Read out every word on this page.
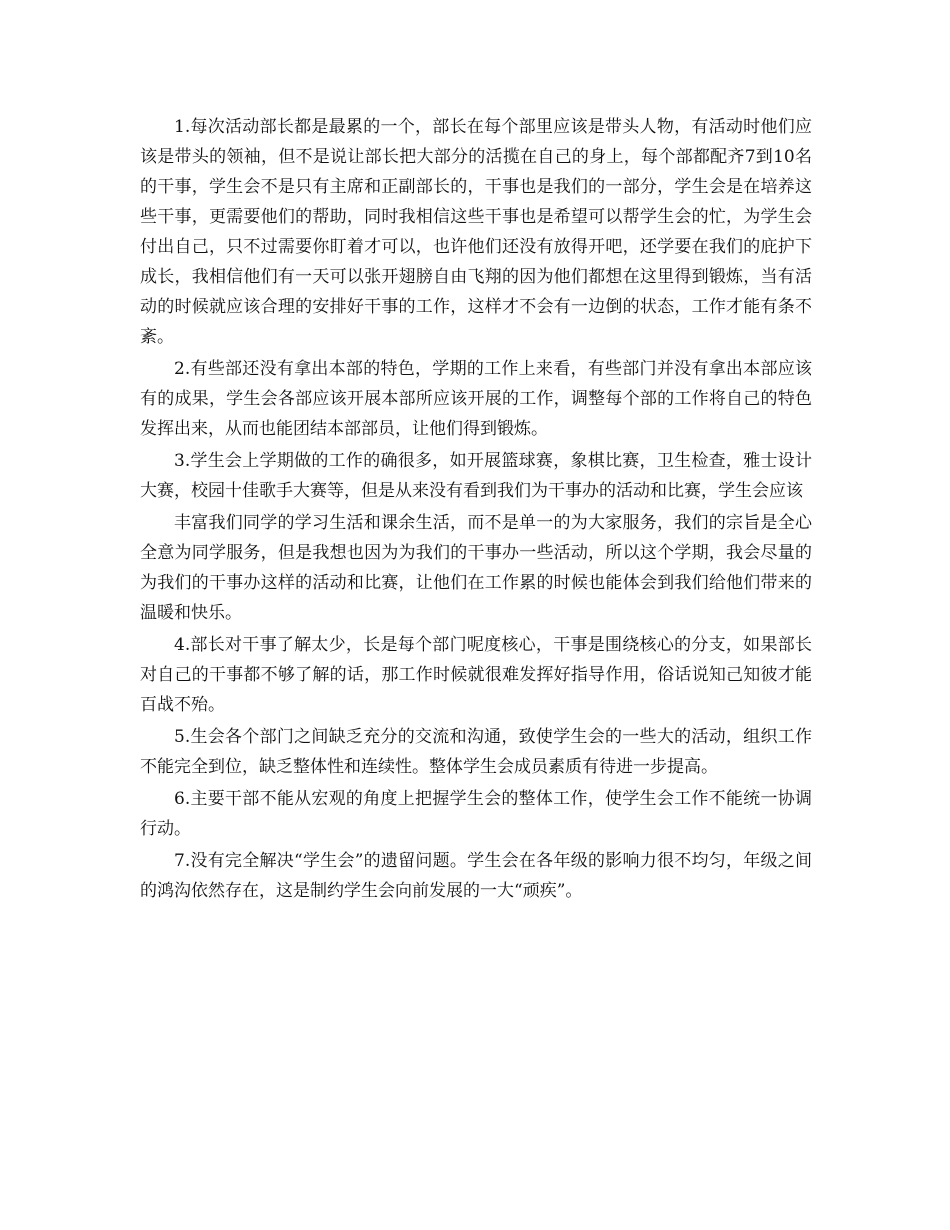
1.每次活动部长都是最累的一个，部长在每个部里应该是带头人物，有活动时他们应该是带头的领袖，但不是说让部长把大部分的活揽在自己的身上，每个部都配齐7到10名的干事，学生会不是只有主席和正副部长的，干事也是我们的一部分，学生会是在培养这些干事，更需要他们的帮助，同时我相信这些干事也是希望可以帮学生会的忙，为学生会付出自己，只不过需要你盯着才可以，也许他们还没有放得开吧，还学要在我们的庇护下成长，我相信他们有一天可以张开翅膀自由飞翔的因为他们都想在这里得到锻炼，当有活动的时候就应该合理的安排好干事的工作，这样才不会有一边倒的状态，工作才能有条不紊。

2.有些部还没有拿出本部的特色，学期的工作上来看，有些部门并没有拿出本部应该有的成果，学生会各部应该开展本部所应该开展的工作，调整每个部的工作将自己的特色发挥出来，从而也能团结本部部员，让他们得到锻炼。

3.学生会上学期做的工作的确很多，如开展篮球赛，象棋比赛，卫生检查，雅士设计大赛，校园十佳歌手大赛等，但是从来没有看到我们为干事办的活动和比赛，学生会应该

丰富我们同学的学习生活和课余生活，而不是单一的为大家服务，我们的宗旨是全心全意为同学服务，但是我想也因为为我们的干事办一些活动，所以这个学期，我会尽量的为我们的干事办这样的活动和比赛，让他们在工作累的时候也能体会到我们给他们带来的温暖和快乐。

4.部长对干事了解太少，长是每个部门呢度核心，干事是围绕核心的分支，如果部长对自己的干事都不够了解的话，那工作时候就很难发挥好指导作用，俗话说知己知彼才能百战不殆。

5.生会各个部门之间缺乏充分的交流和沟通，致使学生会的一些大的活动，组织工作不能完全到位，缺乏整体性和连续性。整体学生会成员素质有待进一步提高。

6.主要干部不能从宏观的角度上把握学生会的整体工作，使学生会工作不能统一协调行动。

7.没有完全解决“学生会”的遗留问题。学生会在各年级的影响力很不均匀，年级之间的鸿沟依然存在，这是制约学生会向前发展的一大“顽疾”。
